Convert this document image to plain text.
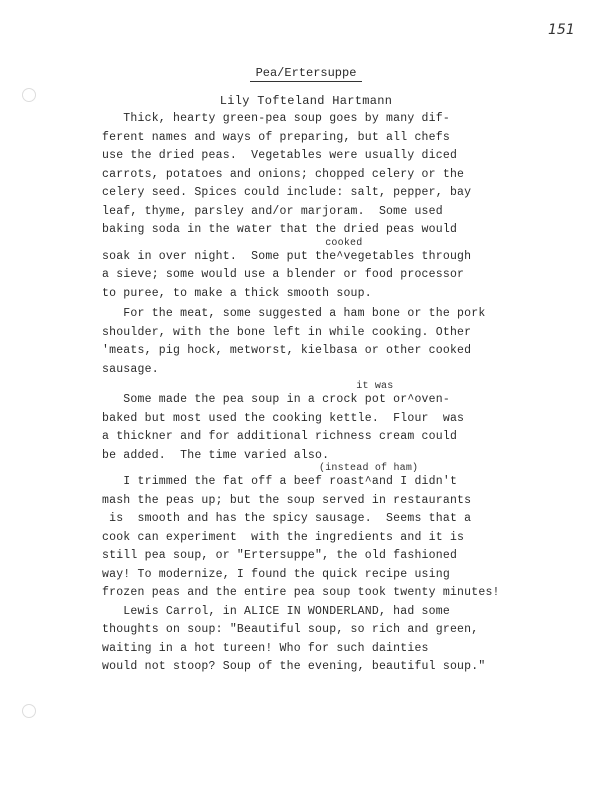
151
Pea/Ertersuppe
Lily Tofteland Hartmann
Thick, hearty green-pea soup goes by many dif-
ferent names and ways of preparing, but all chefs
use the dried peas.  Vegetables were usually diced
carrots, potatoes and onions; chopped celery or the
celery seed. Spices could include: salt, pepper, bay
leaf, thyme, parsley and/or marjoram.  Some used
baking soda in the water that the dried peas would
cooked
soak in over night.  Some put the^vegetables through
a sieve; some would use a blender or food processor
to puree, to make a thick smooth soup.
For the meat, some suggested a ham bone or the pork
shoulder, with the bone left in while cooking. Other
'meats, pig hock, metworst, kielbasa or other cooked
sausage.
it was
Some made the pea soup in a crock pot or^oven-
baked but most used the cooking kettle.  Flour  was
a thickner and for additional richness cream could
be added.  The time varied also.
(instead of ham)
I trimmed the fat off a beef roast^and I didn't
mash the peas up; but the soup served in restaurants
is  smooth and has the spicy sausage.  Seems that a
cook can experiment  with the ingredients and it is
still pea soup, or "Ertersuppe", the old fashioned
way! To modernize, I found the quick recipe using
frozen peas and the entire pea soup took twenty minutes!
Lewis Carrol, in ALICE IN WONDERLAND, had some
thoughts on soup: "Beautiful soup, so rich and green,
waiting in a hot tureen! Who for such dainties
would not stoop? Soup of the evening, beautiful soup."
